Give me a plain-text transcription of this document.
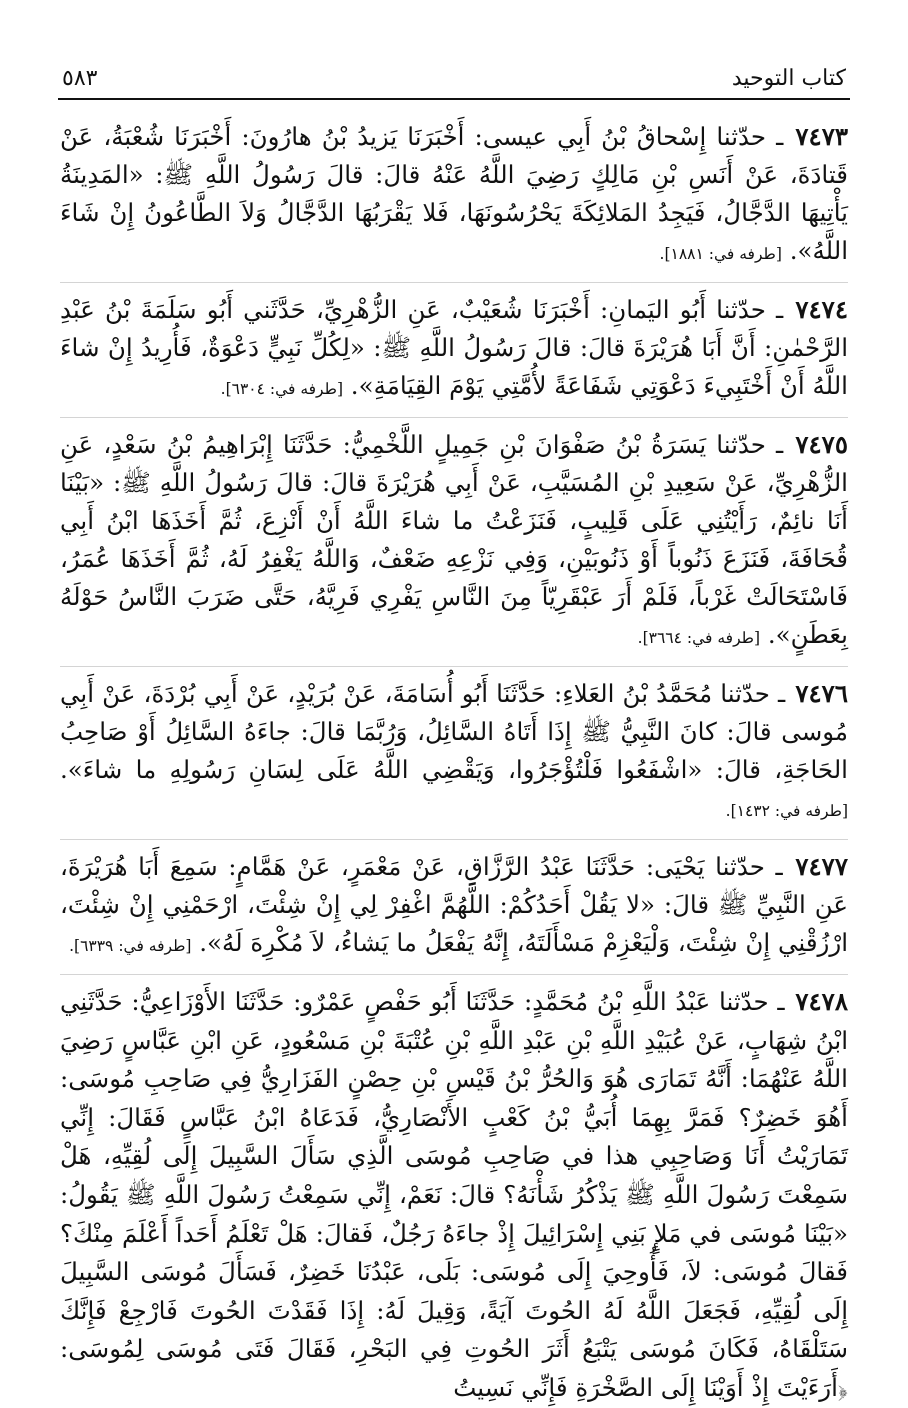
كتاب التوحيد
٥٨٣

٧٤٧٣ ـ حدّثنا إِسْحاقُ بْنُ أَبِي عيسى: أَخْبَرَنَا يَزيدُ بْنُ هارُونَ: أَخْبَرَنَا شُعْبَةُ، عَنْ قَتادَةَ، عَنْ أَنَسِ بْنِ مَالِكٍ رَضِيَ اللَّهُ عَنْهُ قالَ: قالَ رَسُولُ اللَّهِ ﷺ: «المَدِينَةُ يَأْتِيهَا الدَّجَّالُ، فَيَجِدُ المَلائِكَةَ يَحْرُسُونَهَا، فَلا يَقْرَبُهَا الدَّجَّالُ وَلاَ الطَّاعُونُ إِنْ شَاءَ اللَّهُ». [طرفه في: ١٨٨١].

٧٤٧٤ ـ حدّثنا أَبُو اليَمانِ: أَخْبَرَنَا شُعَيْبٌ، عَنِ الزُّهْرِيِّ، حَدَّثَني أَبُو سَلَمَةَ بْنُ عَبْدِ الرَّحْمٰنِ: أَنَّ أَبَا هُرَيْرَةَ قالَ: قالَ رَسُولُ اللَّهِ ﷺ: «لِكُلِّ نَبِيٍّ دَعْوَةٌ، فَأُرِيدُ إِنْ شاءَ اللَّهُ أَنْ أَخْتَبِيءَ دَعْوَتِي شَفَاعَةً لأُمَّتِي يَوْمَ القِيَامَةِ». [طرفه في: ٦٣٠٤].

٧٤٧٥ ـ حدّثنا يَسَرَةُ بْنُ صَفْوَانَ بْنِ جَمِيلٍ اللَّخْمِيُّ: حَدَّثَنَا إِبْرَاهِيمُ بْنُ سَعْدٍ، عَنِ الزُّهْرِيِّ، عَنْ سَعِيدِ بْنِ المُسَيَّبِ، عَنْ أَبِي هُرَيْرَةَ قالَ: قالَ رَسُولُ اللَّهِ ﷺ: «بَيْنَا أَنَا نائِمٌ، رَأَيْتُنِي عَلَى قَلِيبٍ، فَنَزَعْتُ ما شاءَ اللَّهُ أَنْ أَنْزِعَ، ثُمَّ أَخَذَهَا ابْنُ أَبِي قُحَافَةَ، فَنَزَعَ ذَنُوباً أَوْ ذَنُوبَيْنِ، وَفِي نَزْعِهِ ضَعْفٌ، وَاللَّهُ يَغْفِرُ لَهُ، ثُمَّ أَخَذَهَا عُمَرُ، فَاسْتَحَالَتْ غَرْباً، فَلَمْ أَرَ عَبْقَرِيّاً مِنَ النَّاسِ يَفْرِي فَرِيَّهُ، حَتَّى ضَرَبَ النَّاسُ حَوْلَهُ بِعَطَنٍ». [طرفه في: ٣٦٦٤].

٧٤٧٦ ـ حدّثنا مُحَمَّدُ بْنُ العَلاءِ: حَدَّثَنَا أَبُو أُسَامَةَ، عَنْ بُرَيْدٍ، عَنْ أَبِي بُرْدَةَ، عَنْ أَبِي مُوسى قالَ: كانَ النَّبِيُّ ﷺ إِذَا أَتَاهُ السَّائِلُ، وَرُبَّمَا قالَ: جاءَهُ السَّائِلُ أَوْ صَاحِبُ الحَاجَةِ، قالَ: «اشْفَعُوا فَلْتُؤْجَرُوا، وَيَقْضِي اللَّهُ عَلَى لِسَانِ رَسُولِهِ ما شاءَ». [طرفه في: ١٤٣٢].

٧٤٧٧ ـ حدّثنا يَحْيَى: حَدَّثَنَا عَبْدُ الرَّزَّاقِ، عَنْ مَعْمَرٍ، عَنْ هَمَّامٍ: سَمِعَ أَبَا هُرَيْرَةَ، عَنِ النَّبِيِّ ﷺ قالَ: «لا يَقُلْ أَحَدُكُمْ: اللَّهُمَّ اغْفِرْ لِي إِنْ شِئْتَ، ارْحَمْنِي إِنْ شِئْتَ، ارْزُقْنِي إِنْ شِئْتَ، وَلْيَعْزِمْ مَسْأَلَتَهُ، إِنَّهُ يَفْعَلُ ما يَشاءُ، لاَ مُكْرِهَ لَهُ». [طرفه في: ٦٣٣٩].

٧٤٧٨ ـ حدّثنا عَبْدُ اللَّهِ بْنُ مُحَمَّدٍ: حَدَّثَنَا أَبُو حَفْصٍ عَمْرٌو: حَدَّثَنَا الأَوْزَاعِيُّ: حَدَّثَنِي ابْنُ شِهَابٍ، عَنْ عُبَيْدِ اللَّهِ بْنِ عَبْدِ اللَّهِ بْنِ عُتْبَةَ بْنِ مَسْعُودٍ، عَنِ ابْنِ عَبَّاسٍ رَضِيَ اللَّهُ عَنْهُمَا: أَنَّهُ تَمَارَى هُوَ وَالحُرُّ بْنُ قَيْسِ بْنِ حِصْنٍ الفَزَارِيُّ فِي صَاحِبِ مُوسَى: أَهُوَ خَضِرٌ؟ فَمَرَّ بِهِمَا أُبَيُّ بْنُ كَعْبٍ الأَنْصَارِيُّ، فَدَعَاهُ ابْنُ عَبَّاسٍ فَقَالَ: إِنِّي تَمَارَيْتُ أَنَا وَصَاحِبِي هذا في صَاحِبِ مُوسَى الَّذِي سَأَلَ السَّبِيلَ إِلَى لُقِيِّهِ، هَلْ سَمِعْتَ رَسُولَ اللَّهِ ﷺ يَذْكُرُ شَأْنَهُ؟ قالَ: نَعَمْ، إِنِّي سَمِعْتُ رَسُولَ اللَّهِ ﷺ يَقُولُ: «بَيْنَا مُوسَى في مَلإٍ بَنِي إِسْرَائِيلَ إِذْ جاءَهُ رَجُلٌ، فَقالَ: هَلْ تَعْلَمُ أَحَداً أَعْلَمَ مِنْكَ؟ فَقالَ مُوسَى: لاَ، فَأُوحِيَ إِلَى مُوسَى: بَلَى، عَبْدُنَا خَضِرٌ، فَسَأَلَ مُوسَى السَّبِيلَ إِلَى لُقِيِّهِ، فَجَعَلَ اللَّهُ لَهُ الحُوتَ آيَةً، وَقِيلَ لَهُ: إِذَا فَقَدْتَ الحُوتَ فَارْجِعْ فَإِنَّكَ سَتَلْقَاهُ، فَكَانَ مُوسَى يَتْبَعُ أَثَرَ الحُوتِ فِي البَحْرِ، فَقَالَ فَتَى مُوسَى لِمُوسَى: ﴿أَرَءَيْتَ إِذْ أَوَيْنَا إِلَى الصَّخْرَةِ فَإِنِّي نَسِيتُ
